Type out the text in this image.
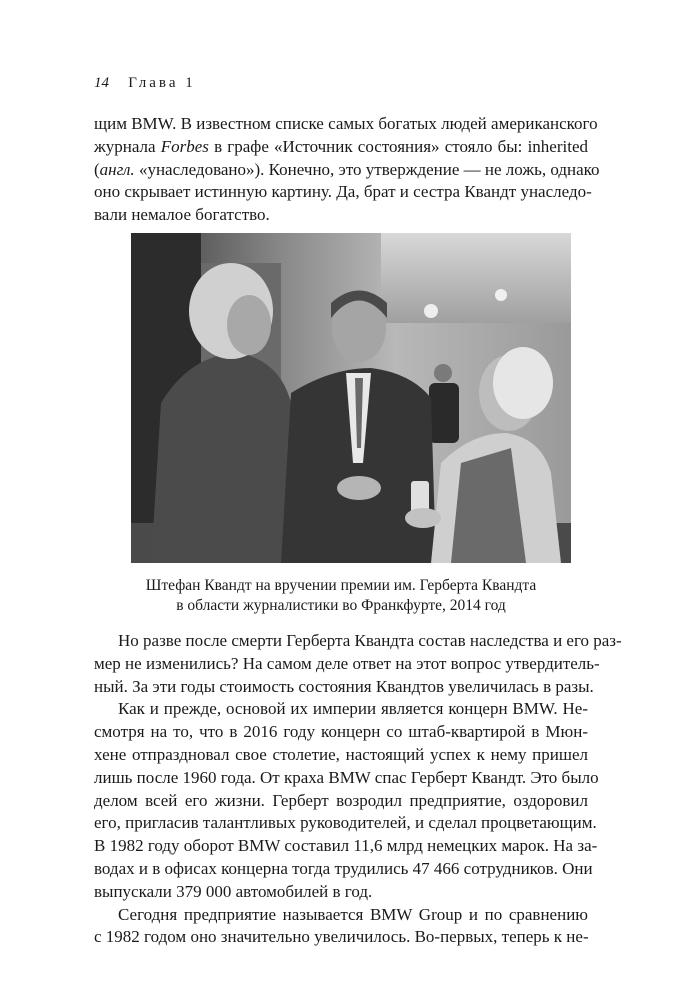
14 Глава 1
щим BMW. В известном списке самых богатых людей американского
журнала Forbes в графе «Источник состояния» стояло бы: inherited
(англ. «унаследовано»). Конечно, это утверждение — не ложь, однако
оно скрывает истинную картину. Да, брат и сестра Квандт унаследо-
вали немалое богатство.
Штефан Квандт на вручении премии им. Герберта Квандта
в области журналистики во Франкфурте, 2014 год
Но разве после смерти Герберта Квандта состав наследства и его раз-
мер не изменились? На самом деле ответ на этот вопрос утвердитель-
ный. За эти годы стоимость состояния Квандтов увеличилась в разы.
Как и прежде, основой их империи является концерн BMW. Не-
смотря на то, что в 2016 году концерн со штаб-квартирой в Мюн-
хене отпраздновал свое столетие, настоящий успех к нему пришел
лишь после 1960 года. От краха BMW спас Герберт Квандт. Это было
делом всей его жизни. Герберт возродил предприятие, оздоровил
его, пригласив талантливых руководителей, и сделал процветающим.
В 1982 году оборот BMW составил 11,6 млрд немецких марок. На за-
водах и в офисах концерна тогда трудились 47 466 сотрудников. Они
выпускали 379 000 автомобилей в год.
Сегодня предприятие называется BMW Group и по сравнению
с 1982 годом оно значительно увеличилось. Во-первых, теперь к не-
